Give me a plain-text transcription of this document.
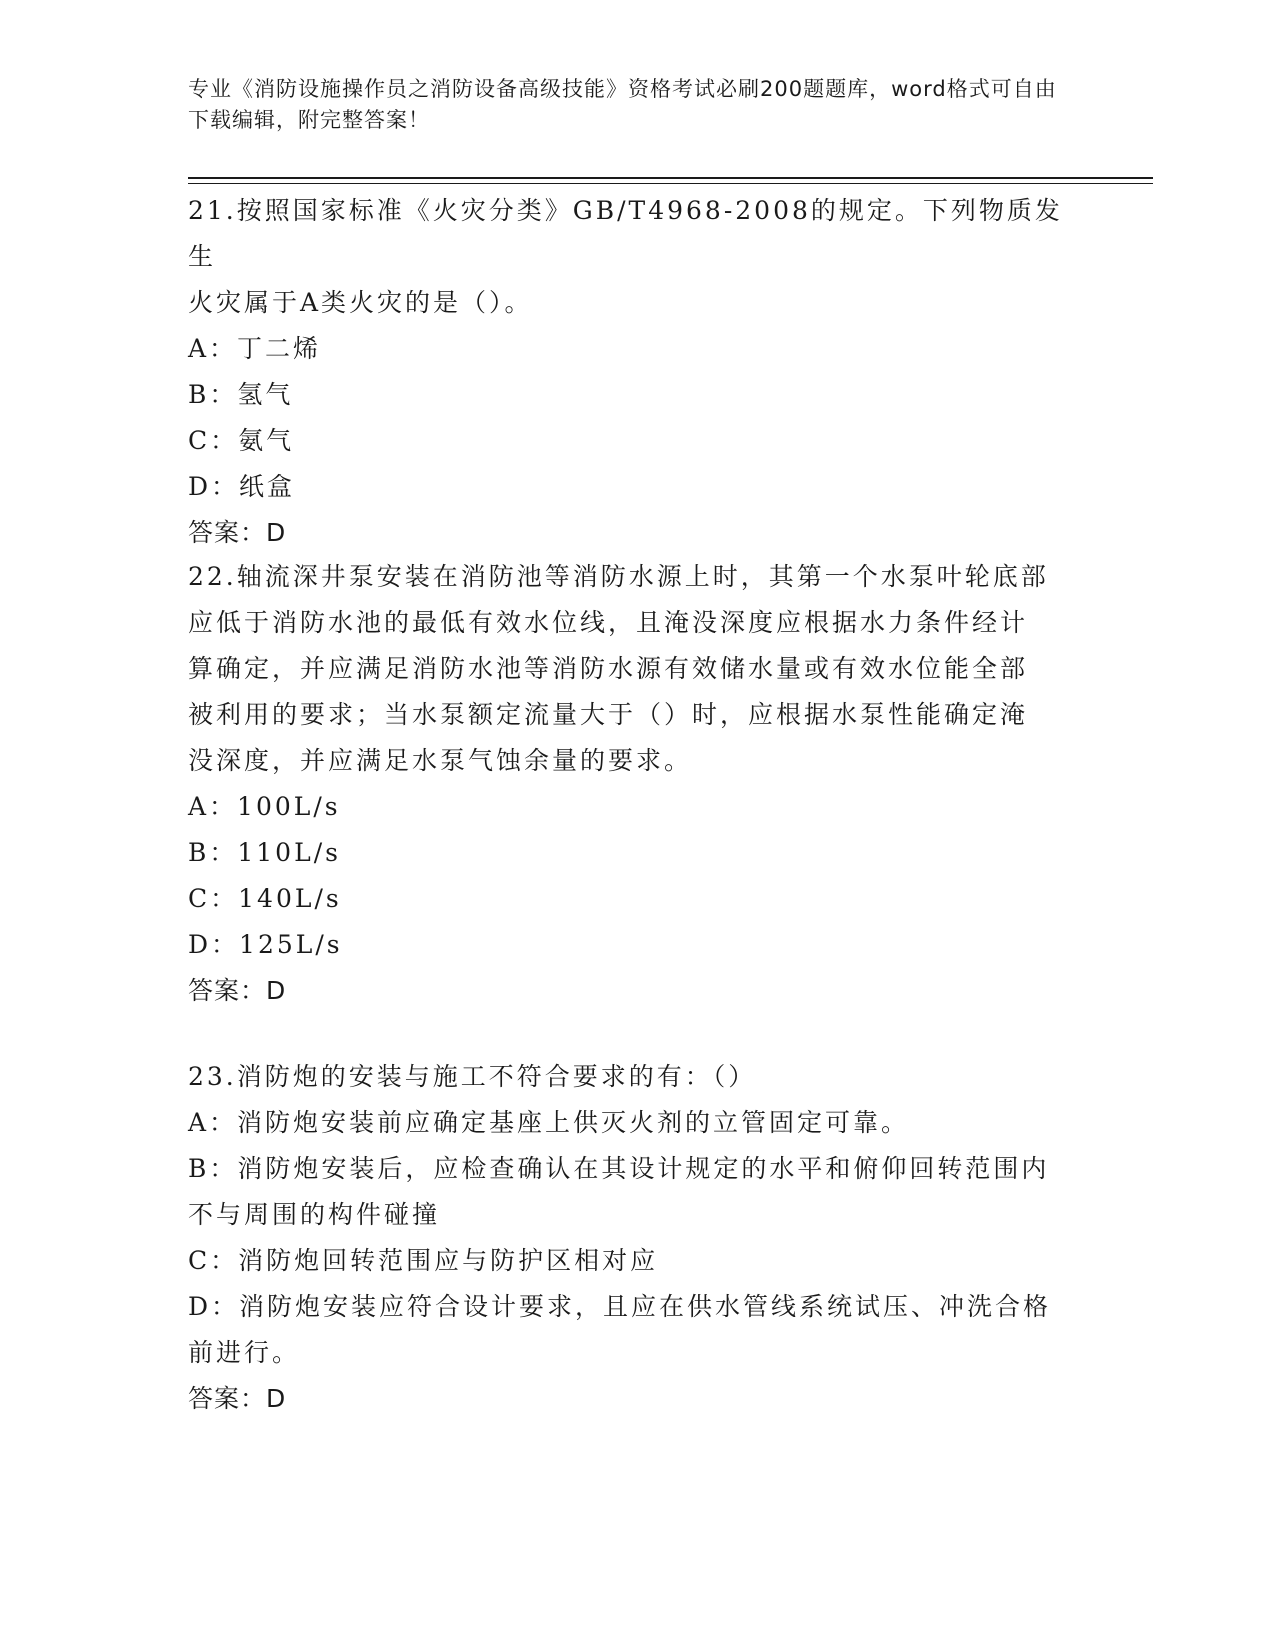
专业《消防设施操作员之消防设备高级技能》资格考试必刷200题题库，word格式可自由下载编辑，附完整答案！

21.按照国家标准《火灾分类》GB/T4968-2008的规定。下列物质发生

火灾属于A类火灾的是（）。

A：丁二烯

B：氢气

C：氨气

D：纸盒

答案：D

22.轴流深井泵安装在消防池等消防水源上时，其第一个水泵叶轮底部

应低于消防水池的最低有效水位线，且淹没深度应根据水力条件经计

算确定，并应满足消防水池等消防水源有效储水量或有效水位能全部

被利用的要求；当水泵额定流量大于（）时，应根据水泵性能确定淹

没深度，并应满足水泵气蚀余量的要求。

A：100L/s

B：110L/s

C：140L/s

D：125L/s

答案：D

23.消防炮的安装与施工不符合要求的有：（）

A：消防炮安装前应确定基座上供灭火剂的立管固定可靠。

B：消防炮安装后，应检查确认在其设计规定的水平和俯仰回转范围内

不与周围的构件碰撞

C：消防炮回转范围应与防护区相对应

D：消防炮安装应符合设计要求，且应在供水管线系统试压、冲洗合格

前进行。

答案：D
